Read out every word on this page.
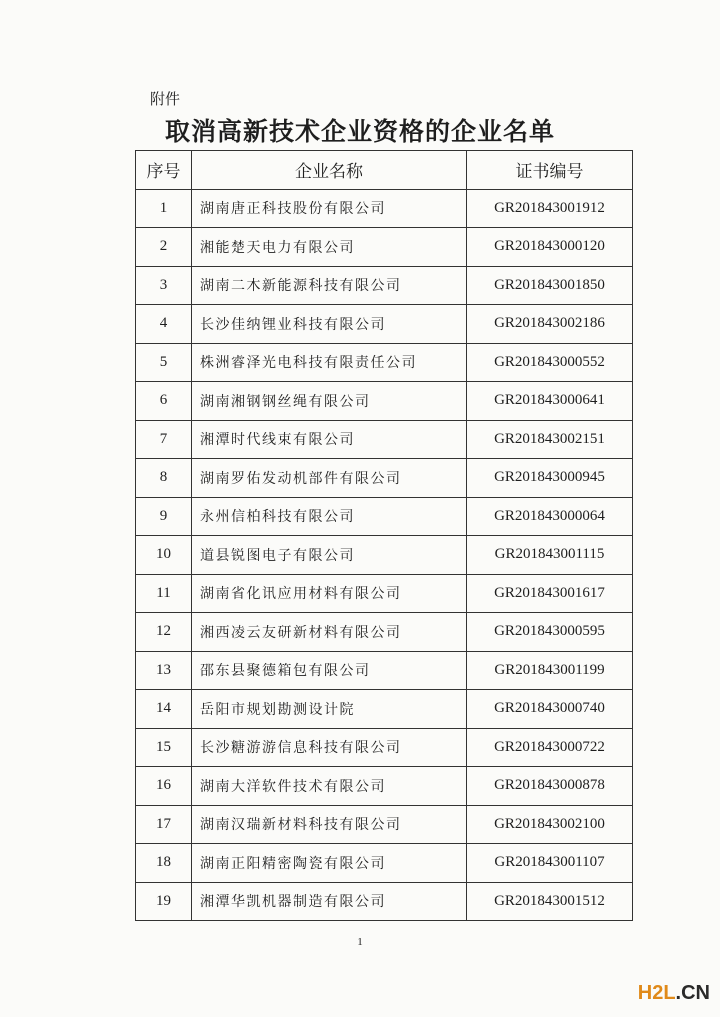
附件
取消高新技术企业资格的企业名单
序号	企业名称	证书编号
1	湖南唐正科技股份有限公司	GR201843001912
2	湘能楚天电力有限公司	GR201843000120
3	湖南二木新能源科技有限公司	GR201843001850
4	长沙佳纳锂业科技有限公司	GR201843002186
5	株洲睿泽光电科技有限责任公司	GR201843000552
6	湖南湘钢钢丝绳有限公司	GR201843000641
7	湘潭时代线束有限公司	GR201843002151
8	湖南罗佑发动机部件有限公司	GR201843000945
9	永州信柏科技有限公司	GR201843000064
10	道县锐图电子有限公司	GR201843001115
11	湖南省化讯应用材料有限公司	GR201843001617
12	湘西凌云友研新材料有限公司	GR201843000595
13	邵东县聚德箱包有限公司	GR201843001199
14	岳阳市规划勘测设计院	GR201843000740
15	长沙糖游游信息科技有限公司	GR201843000722
16	湖南大洋软件技术有限公司	GR201843000878
17	湖南汉瑞新材料科技有限公司	GR201843002100
18	湖南正阳精密陶瓷有限公司	GR201843001107
19	湘潭华凯机器制造有限公司	GR201843001512
1
H2L.CN
